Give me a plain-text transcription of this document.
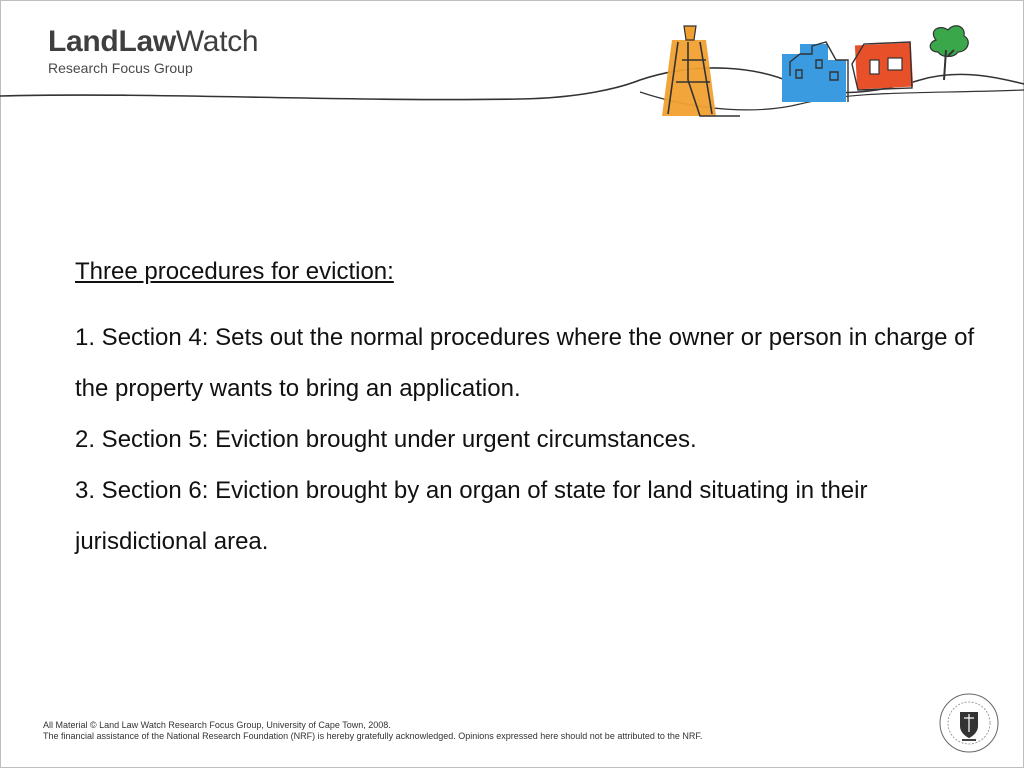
LandLawWatch
Research Focus Group

Three procedures for eviction:

1. Section 4: Sets out the normal procedures where the owner or person in charge of the property wants to bring an application.

2. Section 5: Eviction brought under urgent circumstances.

3. Section 6: Eviction brought by an organ of state for land situating in their jurisdictional area.

All Material © Land Law Watch Research Focus Group, University of Cape Town, 2008.
The financial assistance of the National Research Foundation (NRF) is hereby gratefully acknowledged. Opinions expressed here should not be attributed to the NRF.
